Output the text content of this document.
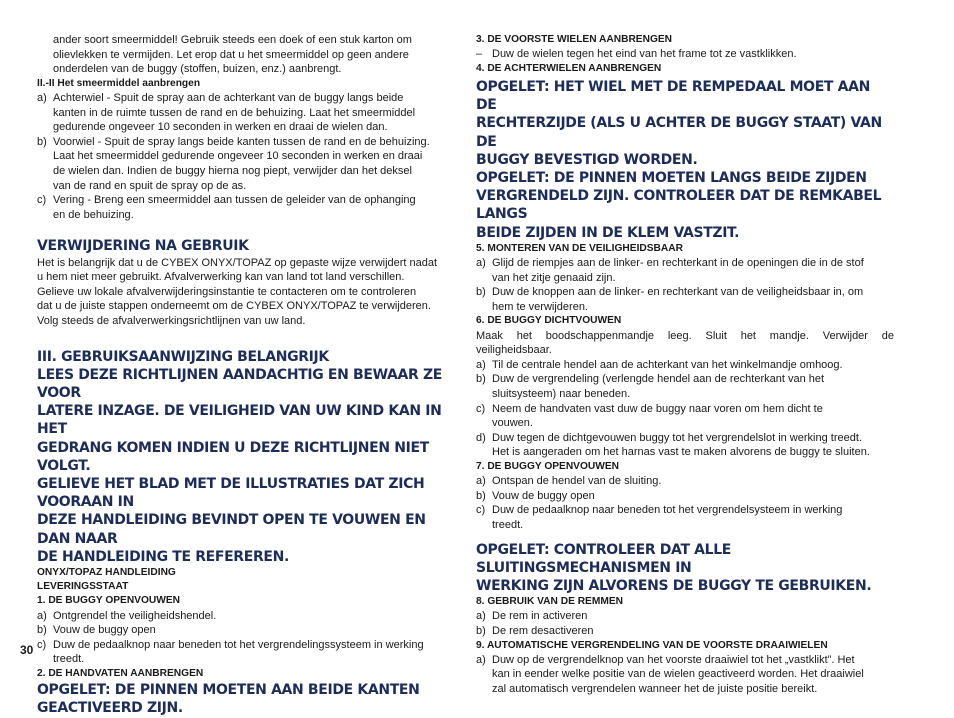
ander soort smeermiddel! Gebruik steeds een doek of een stuk karton om
olievlekken te vermijden. Let erop dat u het smeermiddel op geen andere
onderdelen van de buggy (stoffen, buizen, enz.) aanbrengt.
II.-II Het smeermiddel aanbrengen
a) Achterwiel - Spuit de spray aan de achterkant van de buggy langs beide
kanten in de ruimte tussen de rand en de behuizing. Laat het smeermiddel
gedurende ongeveer 10 seconden in werken en draai de wielen dan.
b) Voorwiel - Spuit de spray langs beide kanten tussen de rand en de behuizing.
Laat het smeermiddel gedurende ongeveer 10 seconden in werken en draai
de wielen dan. Indien de buggy hierna nog piept, verwijder dan het deksel
van de rand en spuit de spray op de as.
c) Vering - Breng een smeermiddel aan tussen de geleider van de ophanging
en de behuizing.
VERWIJDERING NA GEBRUIK
Het is belangrijk dat u de CYBEX ONYX/TOPAZ op gepaste wijze verwijdert nadat
u hem niet meer gebruikt. Afvalverwerking kan van land tot land verschillen.
Gelieve uw lokale afvalverwijderingsinstantie te contacteren om te controleren
dat u de juiste stappen onderneemt om de CYBEX ONYX/TOPAZ te verwijderen.
Volg steeds de afvalverwerkingsrichtlijnen van uw land.
III. GEBRUIKSAANWIJZING BELANGRIJK
LEES DEZE RICHTLIJNEN AANDACHTIG EN BEWAAR ZE VOOR
LATERE INZAGE. DE VEILIGHEID VAN UW KIND KAN IN HET
GEDRANG KOMEN INDIEN U DEZE RICHTLIJNEN NIET VOLGT.
GELIEVE HET BLAD MET DE ILLUSTRATIES DAT ZICH VOORAAN IN
DEZE HANDLEIDING BEVINDT OPEN TE VOUWEN EN DAN NAAR
DE HANDLEIDING TE REFEREREN.
ONYX/TOPAZ HANDLEIDING
LEVERINGSSTAAT
1. DE BUGGY OPENVOUWEN
a) Ontgrendel the veiligheidshendel.
b) Vouw de buggy open
c) Duw de pedaalknop naar beneden tot het vergrendelingssysteem in werking
treedt.
2. DE HANDVATEN AANBRENGEN
OPGELET: DE PINNEN MOETEN AAN BEIDE KANTEN
GEACTIVEERD ZIJN.
30
3. DE VOORSTE WIELEN AANBRENGEN
– Duw de wielen tegen het eind van het frame tot ze vastklikken.
4. DE ACHTERWIELEN AANBRENGEN
OPGELET: HET WIEL MET DE REMPEDAAL MOET AAN DE
RECHTERZIJDE (ALS U ACHTER DE BUGGY STAAT) VAN DE
BUGGY BEVESTIGD WORDEN.
OPGELET: DE PINNEN MOETEN LANGS BEIDE ZIJDEN
VERGRENDELD ZIJN. CONTROLEER DAT DE REMKABEL LANGS
BEIDE ZIJDEN IN DE KLEM VASTZIT.
5. MONTEREN VAN DE VEILIGHEIDSBAAR
a) Glijd de riempjes aan de linker- en rechterkant in de openingen die in de stof
van het zitje genaaid zijn.
b) Duw de knoppen aan de linker- en rechterkant van de veiligheidsbaar in, om
hem te verwijderen.
6. DE BUGGY DICHTVOUWEN
Maak het boodschappenmandje leeg. Sluit het mandje. Verwijder de
veiligheidsbaar.
a) Til de centrale hendel aan de achterkant van het winkelmandje omhoog.
b) Duw de vergrendeling (verlengde hendel aan de rechterkant van het
sluitsysteem) naar beneden.
c) Neem de handvaten vast duw de buggy naar voren om hem dicht te
vouwen.
d) Duw tegen de dichtgevouwen buggy tot het vergrendelslot in werking treedt.
Het is aangeraden om het harnas vast te maken alvorens de buggy te sluiten.
7. DE BUGGY OPENVOUWEN
a) Ontspan de hendel van de sluiting.
b) Vouw de buggy open
c) Duw de pedaalknop naar beneden tot het vergrendelsysteem in werking
treedt.
OPGELET: CONTROLEER DAT ALLE SLUITINGSMECHANISMEN IN
WERKING ZIJN ALVORENS DE BUGGY TE GEBRUIKEN.
8. GEBRUIK VAN DE REMMEN
a) De rem in activeren
b) De rem desactiveren
9. AUTOMATISCHE VERGRENDELING VAN DE VOORSTE DRAAIWIELEN
a) Duw op de vergrendelknop van het voorste draaiwiel tot het „vastklikt”. Het
kan in eender welke positie van de wielen geactiveerd worden. Het draaiwiel
zal automatisch vergrendelen wanneer het de juiste positie bereikt.
